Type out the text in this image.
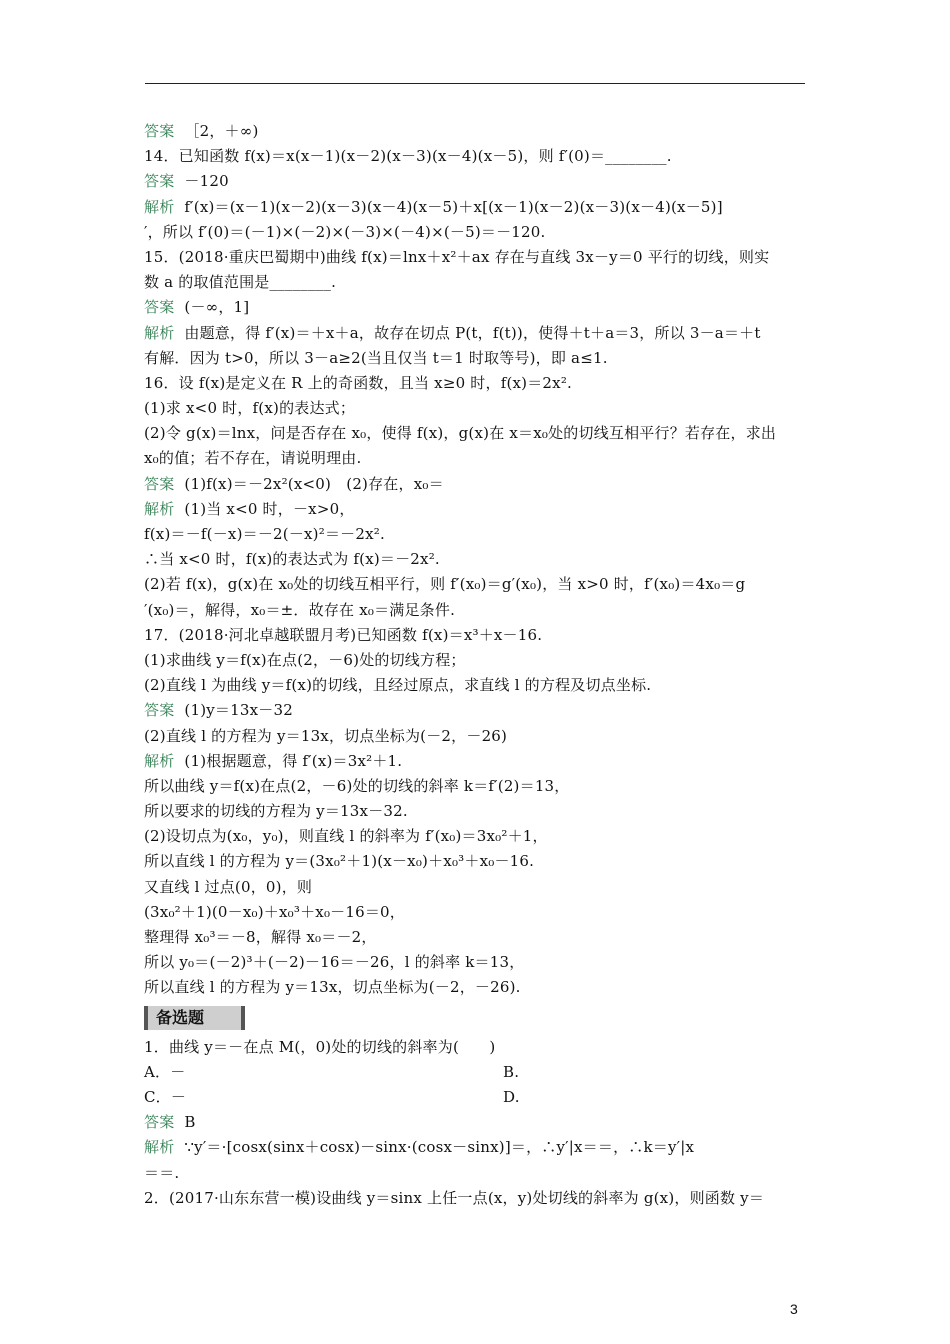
答案 ［2，＋∞)
14．已知函数 f(x)＝x(x－1)(x－2)(x－3)(x－4)(x－5)，则 f′(0)＝________.
答案 －120
解析 f′(x)＝(x－1)(x－2)(x－3)(x－4)(x－5)＋x[(x－1)(x－2)(x－3)(x－4)(x－5)]
′，所以 f′(0)＝(－1)×(－2)×(－3)×(－4)×(－5)＝－120.
15．(2018·重庆巴蜀期中)曲线 f(x)＝lnx＋x²＋ax 存在与直线 3x－y＝0 平行的切线，则实
数 a 的取值范围是________.
答案 (－∞，1]
解析 由题意，得 f′(x)＝＋x＋a，故存在切点 P(t，f(t))，使得＋t＋a＝3，所以 3－a＝＋t
有解．因为 t>0，所以 3－a≥2(当且仅当 t＝1 时取等号)，即 a≤1.
16．设 f(x)是定义在 R 上的奇函数，且当 x≥0 时，f(x)＝2x².
(1)求 x<0 时，f(x)的表达式；
(2)令 g(x)＝lnx，问是否存在 x₀，使得 f(x)，g(x)在 x＝x₀处的切线互相平行？若存在，求出
x₀的值；若不存在，请说明理由.
答案 (1)f(x)＝－2x²(x<0)　(2)存在，x₀＝
解析 (1)当 x<0 时，－x>0，
f(x)＝－f(－x)＝－2(－x)²＝－2x².
∴当 x<0 时，f(x)的表达式为 f(x)＝－2x².
(2)若 f(x)，g(x)在 x₀处的切线互相平行，则 f′(x₀)＝g′(x₀)，当 x>0 时，f′(x₀)＝4x₀＝g
′(x₀)＝，解得，x₀＝±．故存在 x₀＝满足条件.
17．(2018·河北卓越联盟月考)已知函数 f(x)＝x³＋x－16.
(1)求曲线 y＝f(x)在点(2，－6)处的切线方程；
(2)直线 l 为曲线 y＝f(x)的切线，且经过原点，求直线 l 的方程及切点坐标.
答案 (1)y＝13x－32
(2)直线 l 的方程为 y＝13x，切点坐标为(－2，－26)
解析 (1)根据题意，得 f′(x)＝3x²＋1.
所以曲线 y＝f(x)在点(2，－6)处的切线的斜率 k＝f′(2)＝13，
所以要求的切线的方程为 y＝13x－32.
(2)设切点为(x₀，y₀)，则直线 l 的斜率为 f′(x₀)＝3x₀²＋1，
所以直线 l 的方程为 y＝(3x₀²＋1)(x－x₀)＋x₀³＋x₀－16.
又直线 l 过点(0，0)，则
(3x₀²＋1)(0－x₀)＋x₀³＋x₀－16＝0，
整理得 x₀³＝－8，解得 x₀＝－2，
所以 y₀＝(－2)³＋(－2)－16＝－26，l 的斜率 k＝13，
所以直线 l 的方程为 y＝13x，切点坐标为(－2，－26).
备选题
1．曲线 y＝－在点 M(，0)处的切线的斜率为(　　)
A．－	B.
C．－	D.
答案 B
解析 ∵y′＝·[cosx(sinx＋cosx)－sinx·(cosx－sinx)]＝，∴y′|x＝＝，∴k＝y′|x
＝＝.
2．(2017·山东东营一模)设曲线 y＝sinx 上任一点(x，y)处切线的斜率为 g(x)，则函数 y＝
3
